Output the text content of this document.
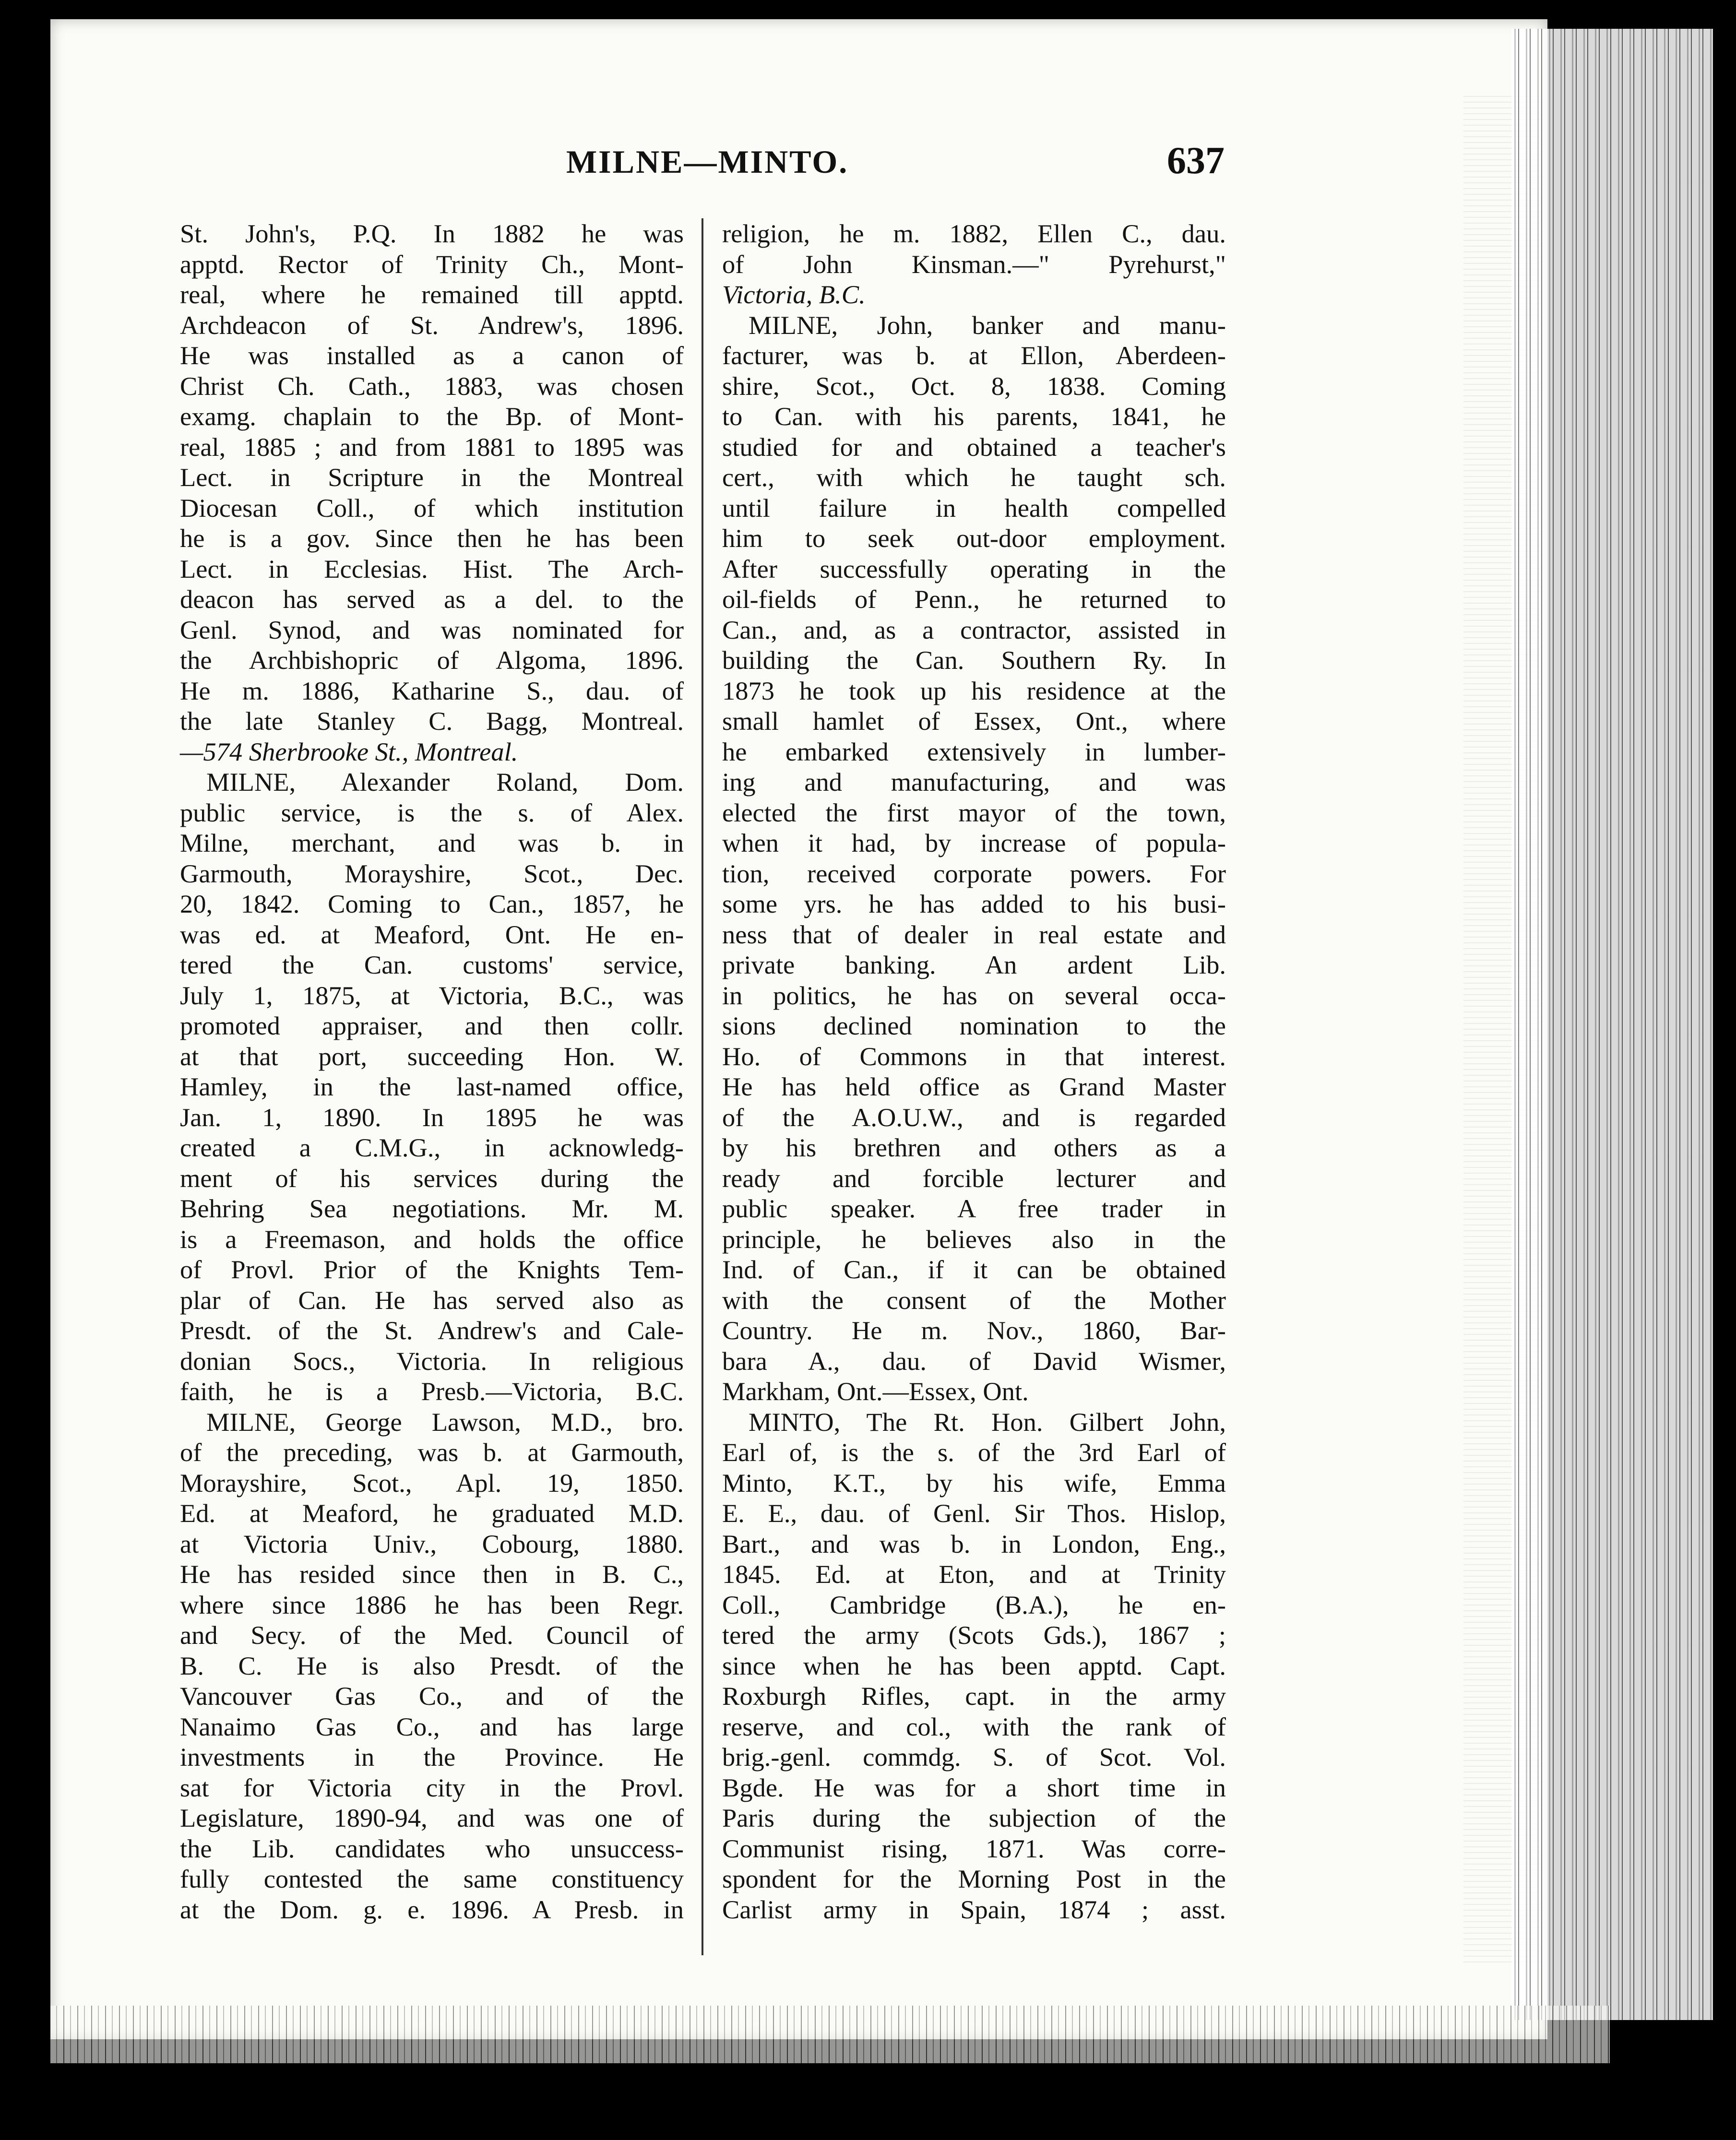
MILNE—MINTO.	637
St. John's, P.Q. In 1882 he was
apptd. Rector of Trinity Ch., Mont-
real, where he remained till apptd.
Archdeacon of St. Andrew's, 1896.
He was installed as a canon of
Christ Ch. Cath., 1883, was chosen
examg. chaplain to the Bp. of Mont-
real, 1885 ; and from 1881 to 1895 was
Lect. in Scripture in the Montreal
Diocesan Coll., of which institution
he is a gov. Since then he has been
Lect. in Ecclesias. Hist. The Arch-
deacon has served as a del. to the
Genl. Synod, and was nominated for
the Archbishopric of Algoma, 1896.
He m. 1886, Katharine S., dau. of
the late Stanley C. Bagg, Montreal.
—574 Sherbrooke St., Montreal.
MILNE, Alexander Roland, Dom.
public service, is the s. of Alex.
Milne, merchant, and was b. in
Garmouth, Morayshire, Scot., Dec.
20, 1842. Coming to Can., 1857, he
was ed. at Meaford, Ont. He en-
tered the Can. customs' service,
July 1, 1875, at Victoria, B.C., was
promoted appraiser, and then collr.
at that port, succeeding Hon. W.
Hamley, in the last-named office,
Jan. 1, 1890. In 1895 he was
created a C.M.G., in acknowledg-
ment of his services during the
Behring Sea negotiations. Mr. M.
is a Freemason, and holds the office
of Provl. Prior of the Knights Tem-
plar of Can. He has served also as
Presdt. of the St. Andrew's and Cale-
donian Socs., Victoria. In religious
faith, he is a Presb.—Victoria, B.C.
MILNE, George Lawson, M.D., bro.
of the preceding, was b. at Garmouth,
Morayshire, Scot., Apl. 19, 1850.
Ed. at Meaford, he graduated M.D.
at Victoria Univ., Cobourg, 1880.
He has resided since then in B. C.,
where since 1886 he has been Regr.
and Secy. of the Med. Council of
B. C. He is also Presdt. of the
Vancouver Gas Co., and of the
Nanaimo Gas Co., and has large
investments in the Province. He
sat for Victoria city in the Provl.
Legislature, 1890-94, and was one of
the Lib. candidates who unsuccess-
fully contested the same constituency
at the Dom. g. e. 1896. A Presb. in
religion, he m. 1882, Ellen C., dau.
of John Kinsman.—" Pyrehurst,"
Victoria, B.C.
MILNE, John, banker and manu-
facturer, was b. at Ellon, Aberdeen-
shire, Scot., Oct. 8, 1838. Coming
to Can. with his parents, 1841, he
studied for and obtained a teacher's
cert., with which he taught sch.
until failure in health compelled
him to seek out-door employment.
After successfully operating in the
oil-fields of Penn., he returned to
Can., and, as a contractor, assisted in
building the Can. Southern Ry. In
1873 he took up his residence at the
small hamlet of Essex, Ont., where
he embarked extensively in lumber-
ing and manufacturing, and was
elected the first mayor of the town,
when it had, by increase of popula-
tion, received corporate powers. For
some yrs. he has added to his busi-
ness that of dealer in real estate and
private banking. An ardent Lib.
in politics, he has on several occa-
sions declined nomination to the
Ho. of Commons in that interest.
He has held office as Grand Master
of the A.O.U.W., and is regarded
by his brethren and others as a
ready and forcible lecturer and
public speaker. A free trader in
principle, he believes also in the
Ind. of Can., if it can be obtained
with the consent of the Mother
Country. He m. Nov., 1860, Bar-
bara A., dau. of David Wismer,
Markham, Ont.—Essex, Ont.
MINTO, The Rt. Hon. Gilbert John,
Earl of, is the s. of the 3rd Earl of
Minto, K.T., by his wife, Emma
E. E., dau. of Genl. Sir Thos. Hislop,
Bart., and was b. in London, Eng.,
1845. Ed. at Eton, and at Trinity
Coll., Cambridge (B.A.), he en-
tered the army (Scots Gds.), 1867 ;
since when he has been apptd. Capt.
Roxburgh Rifles, capt. in the army
reserve, and col., with the rank of
brig.-genl. commdg. S. of Scot. Vol.
Bgde. He was for a short time in
Paris during the subjection of the
Communist rising, 1871. Was corre-
spondent for the Morning Post in the
Carlist army in Spain, 1874 ; asst.
